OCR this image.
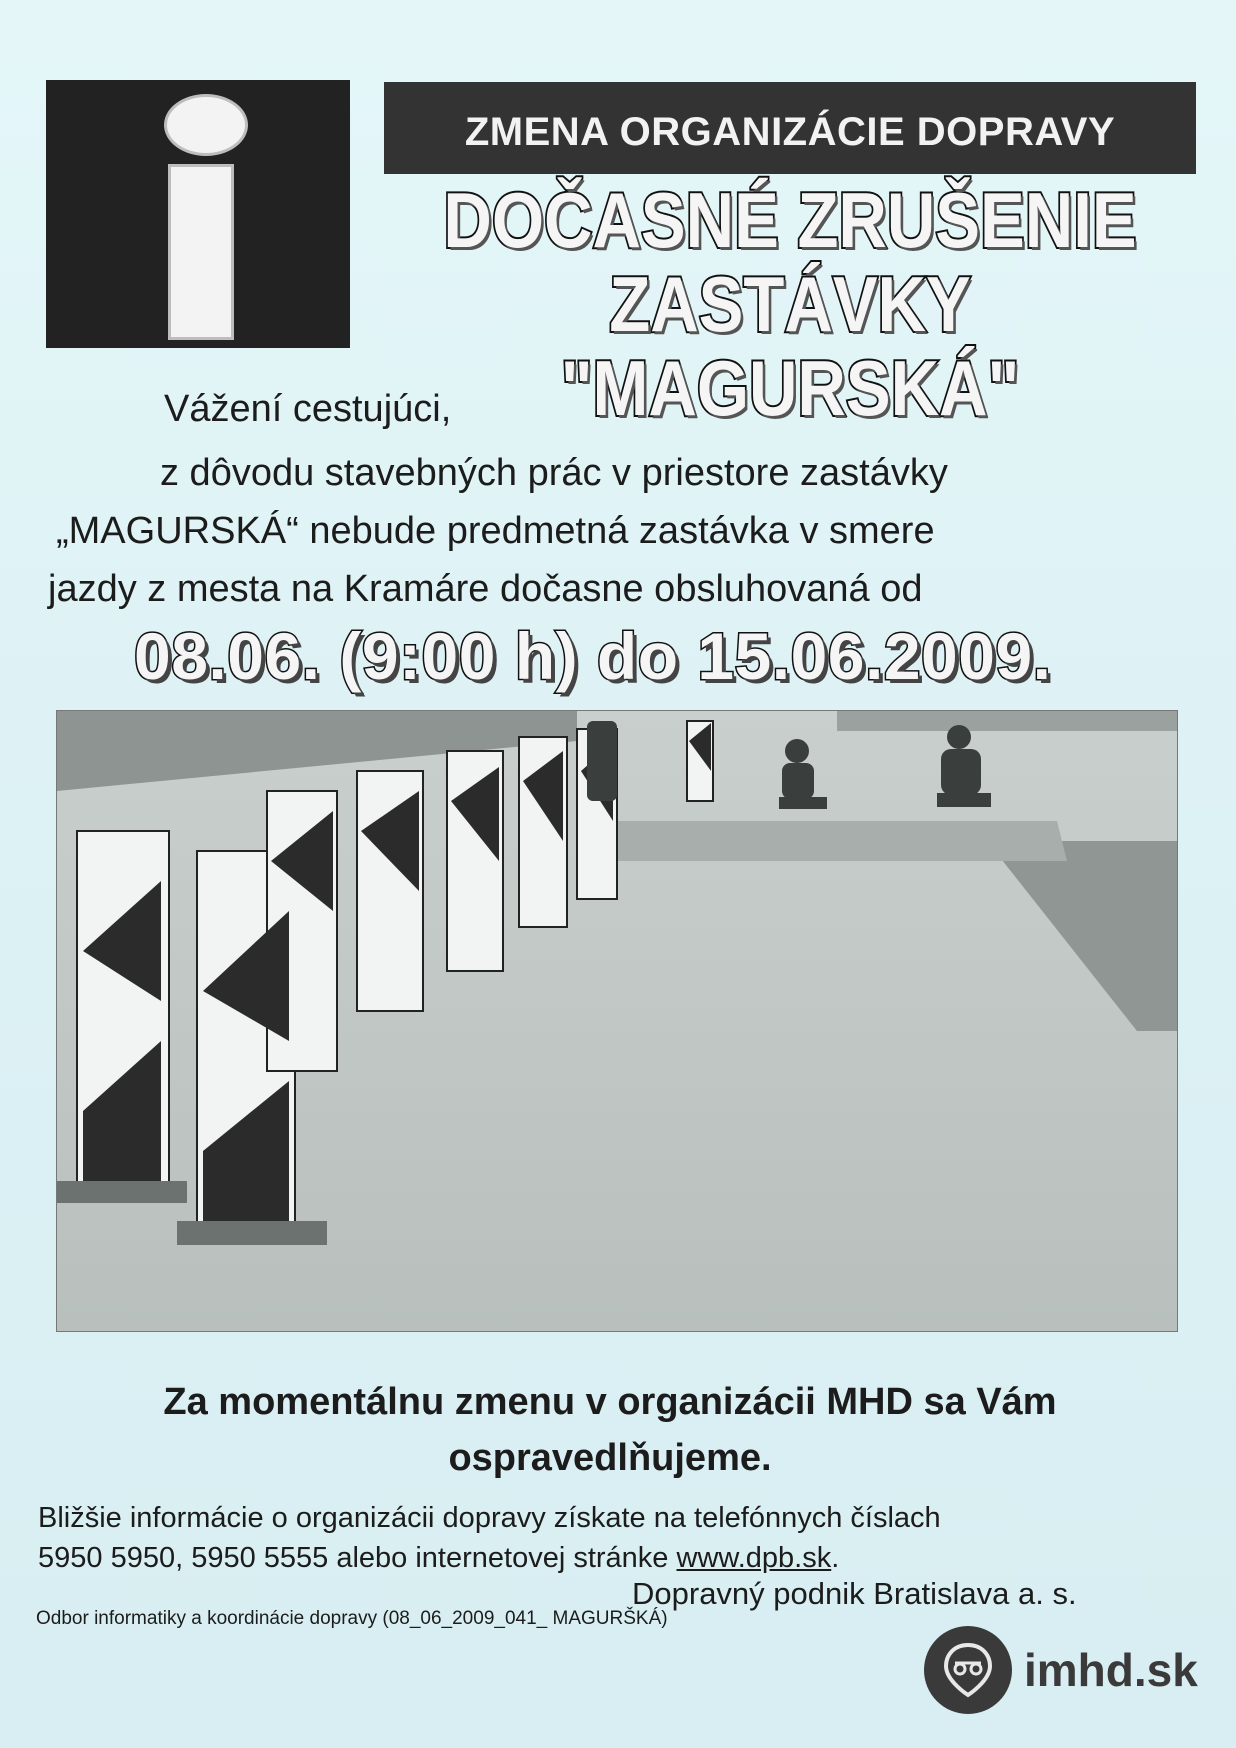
ZMENA ORGANIZÁCIE DOPRAVY
DOČASNÉ ZRUŠENIE
ZASTÁVKY "MAGURSKÁ"
Vážení cestujúci,
z dôvodu stavebných prác v priestore zastávky
„MAGURSKÁ“ nebude predmetná zastávka v smere
jazdy z mesta na Kramáre dočasne obsluhovaná od
08.06. (9:00 h) do 15.06.2009.
Za momentálnu zmenu v organizácii MHD sa Vám
ospravedlňujeme.
Bližšie informácie o organizácii dopravy získate na telefónnych číslach
5950 5950, 5950 5555 alebo internetovej stránke www.dpb.sk.
Dopravný podnik Bratislava a. s.
Odbor informatiky a koordinácie dopravy (08_06_2009_041_ MAGURŠKÁ)
imhd.sk
